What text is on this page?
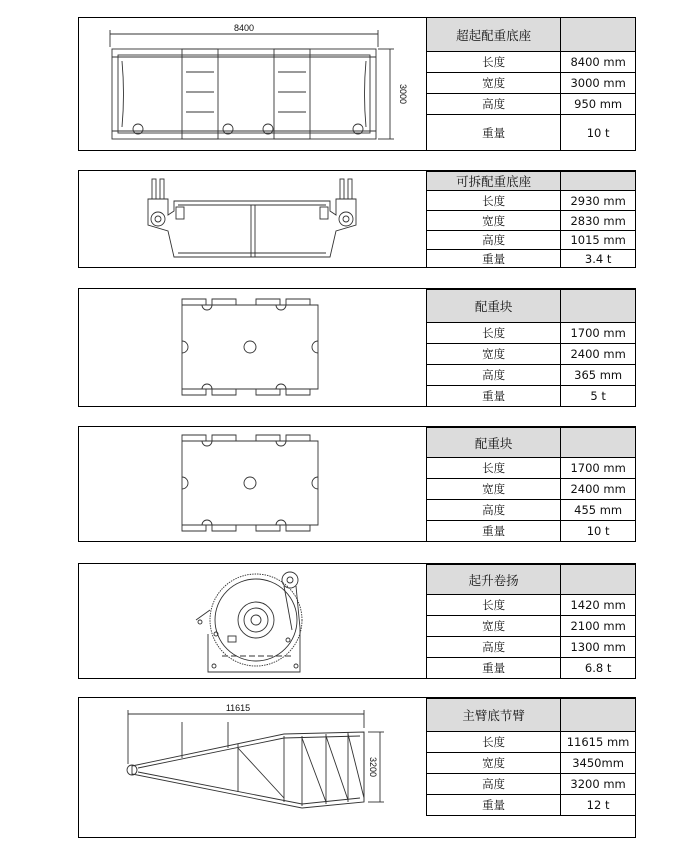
8400
3000
超起配重底座	
长度	8400 mm
宽度	3000 mm
高度	950 mm
重量	10 t
可拆配重底座	
长度	2930 mm
宽度	2830 mm
高度	1015 mm
重量	3.4 t
配重块	
长度	1700 mm
宽度	2400 mm
高度	365 mm
重量	5 t
配重块	
长度	1700 mm
宽度	2400 mm
高度	455 mm
重量	10 t
起升卷扬	
长度	1420 mm
宽度	2100 mm
高度	1300 mm
重量	6.8 t
11615
3200
主臂底节臂	
长度	11615 mm
宽度	3450mm
高度	3200 mm
重量	12 t
